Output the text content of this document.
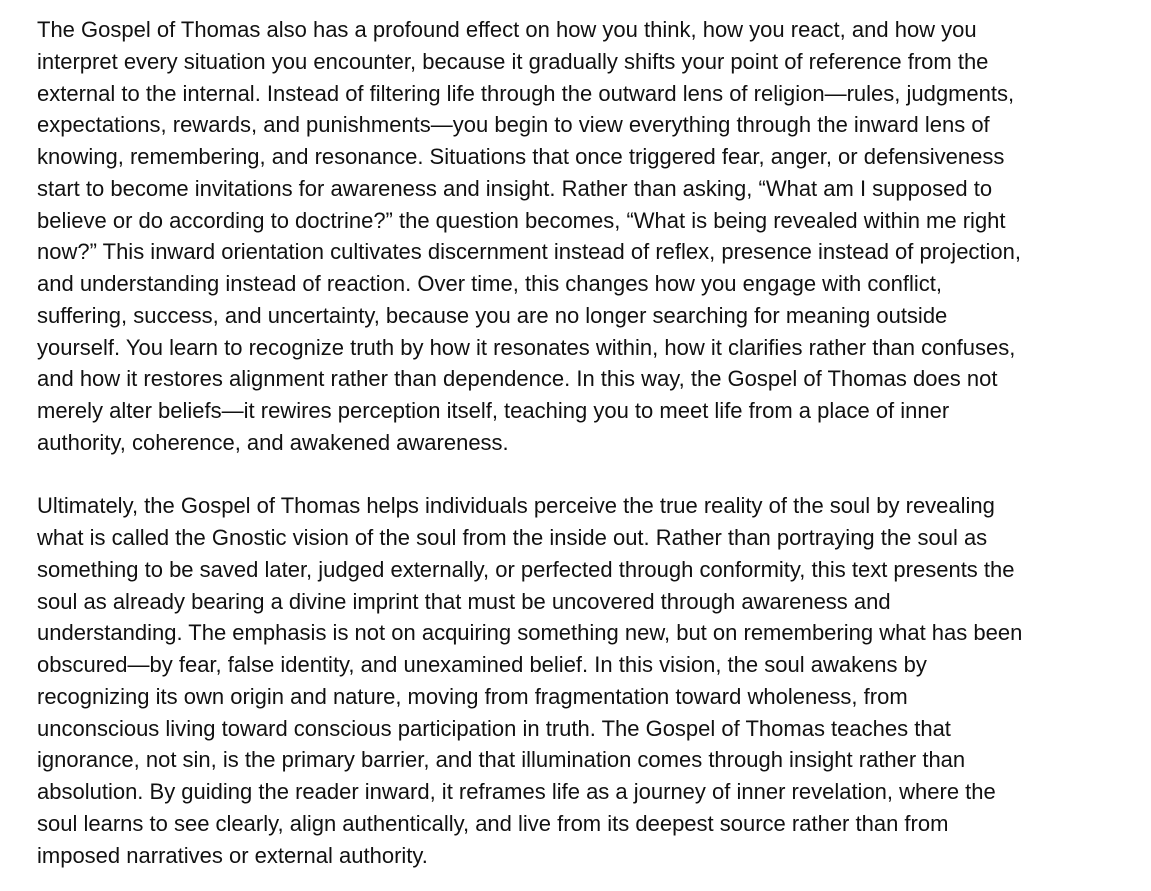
The Gospel of Thomas also has a profound effect on how you think, how you react, and how you
interpret every situation you encounter, because it gradually shifts your point of reference from the
external to the internal. Instead of filtering life through the outward lens of religion—rules, judgments,
expectations, rewards, and punishments—you begin to view everything through the inward lens of
knowing, remembering, and resonance. Situations that once triggered fear, anger, or defensiveness
start to become invitations for awareness and insight. Rather than asking, “What am I supposed to
believe or do according to doctrine?” the question becomes, “What is being revealed within me right
now?” This inward orientation cultivates discernment instead of reflex, presence instead of projection,
and understanding instead of reaction. Over time, this changes how you engage with conflict,
suffering, success, and uncertainty, because you are no longer searching for meaning outside
yourself. You learn to recognize truth by how it resonates within, how it clarifies rather than confuses,
and how it restores alignment rather than dependence. In this way, the Gospel of Thomas does not
merely alter beliefs—it rewires perception itself, teaching you to meet life from a place of inner
authority, coherence, and awakened awareness.

Ultimately, the Gospel of Thomas helps individuals perceive the true reality of the soul by revealing
what is called the Gnostic vision of the soul from the inside out. Rather than portraying the soul as
something to be saved later, judged externally, or perfected through conformity, this text presents the
soul as already bearing a divine imprint that must be uncovered through awareness and
understanding. The emphasis is not on acquiring something new, but on remembering what has been
obscured—by fear, false identity, and unexamined belief. In this vision, the soul awakens by
recognizing its own origin and nature, moving from fragmentation toward wholeness, from
unconscious living toward conscious participation in truth. The Gospel of Thomas teaches that
ignorance, not sin, is the primary barrier, and that illumination comes through insight rather than
absolution. By guiding the reader inward, it reframes life as a journey of inner revelation, where the
soul learns to see clearly, align authentically, and live from its deepest source rather than from
imposed narratives or external authority.
